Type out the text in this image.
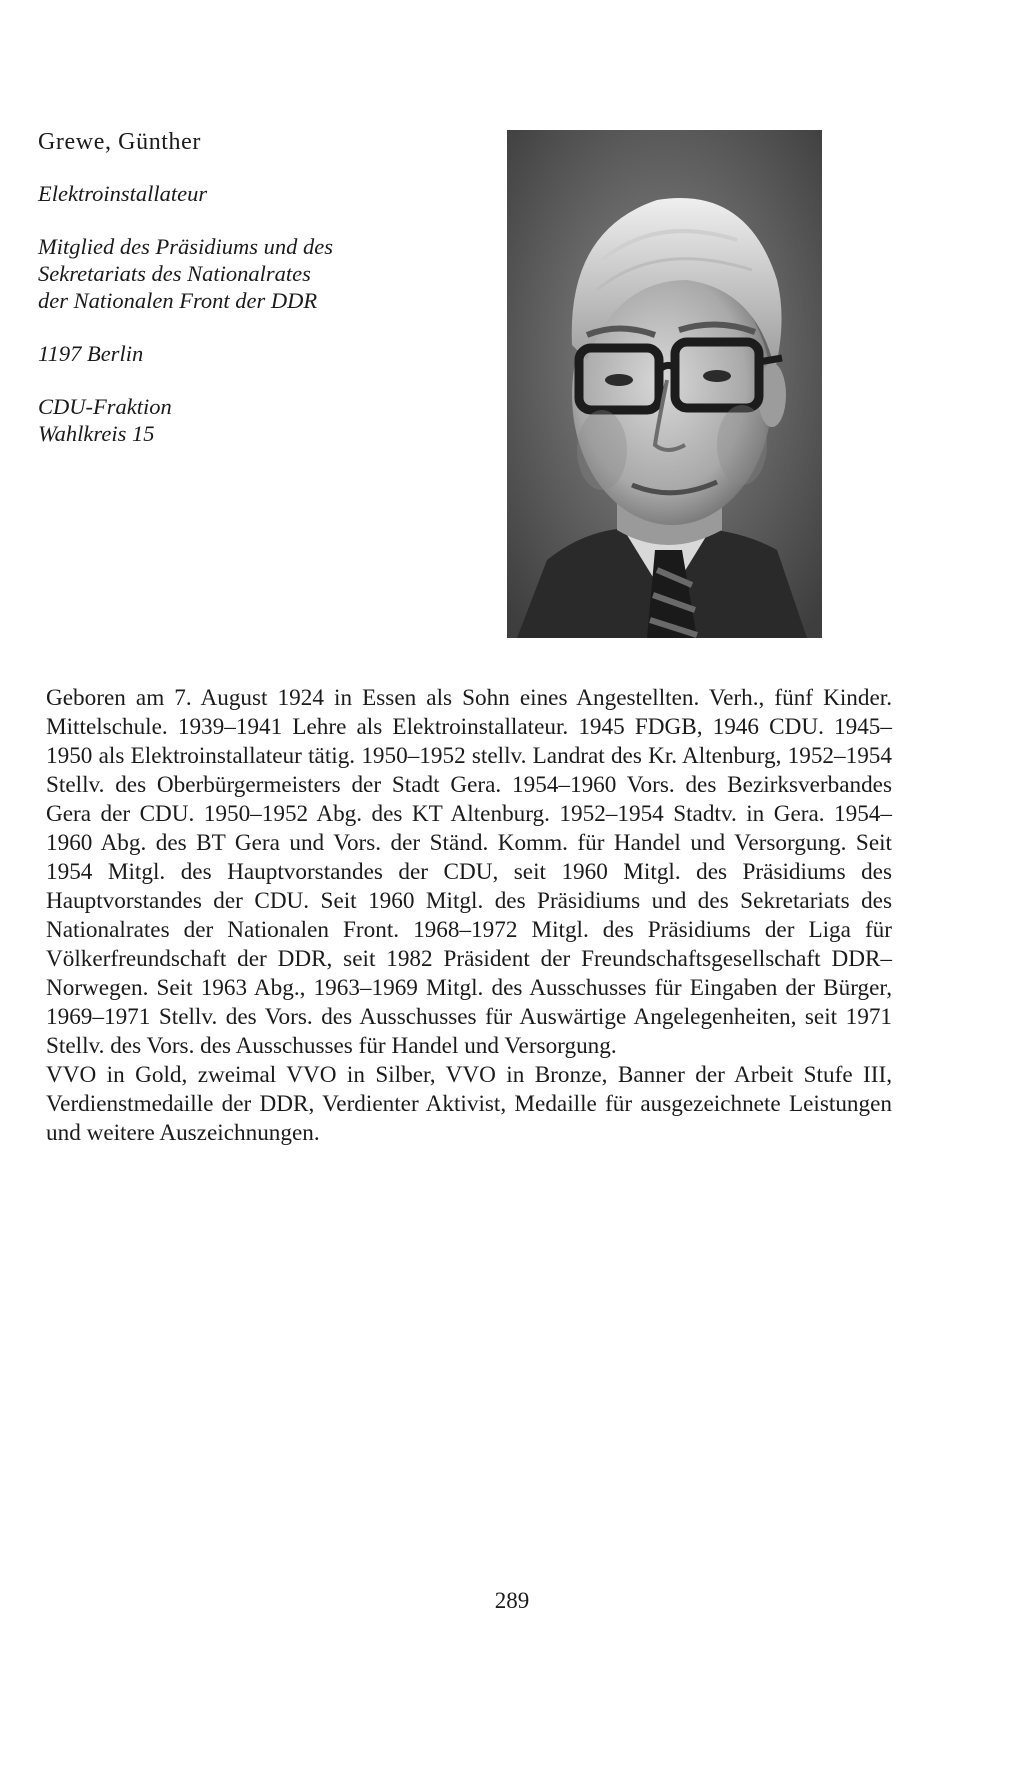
Grewe, Günther
Elektroinstallateur
Mitglied des Präsidiums und des
Sekretariats des Nationalrates
der Nationalen Front der DDR
1197 Berlin
CDU-Fraktion
Wahlkreis 15

Geboren am 7. August 1924 in Essen als Sohn eines Angestellten. Verh., fünf Kinder. Mittelschule. 1939–1941 Lehre als Elektroinstallateur. 1945 FDGB, 1946 CDU. 1945–1950 als Elektroinstallateur tätig. 1950–1952 stellv. Landrat des Kr. Altenburg, 1952–1954 Stellv. des Oberbürgermeisters der Stadt Gera. 1954–1960 Vors. des Bezirksverbandes Gera der CDU. 1950–1952 Abg. des KT Altenburg. 1952–1954 Stadtv. in Gera. 1954–1960 Abg. des BT Gera und Vors. der Ständ. Komm. für Handel und Versorgung. Seit 1954 Mitgl. des Hauptvorstandes der CDU, seit 1960 Mitgl. des Präsidiums des Hauptvorstandes der CDU. Seit 1960 Mitgl. des Präsidiums und des Sekretariats des Nationalrates der Nationalen Front. 1968–1972 Mitgl. des Präsidiums der Liga für Völkerfreundschaft der DDR, seit 1982 Präsident der Freundschaftsgesellschaft DDR–Norwegen. Seit 1963 Abg., 1963–1969 Mitgl. des Ausschusses für Eingaben der Bürger, 1969–1971 Stellv. des Vors. des Ausschusses für Auswärtige Angelegenheiten, seit 1971 Stellv. des Vors. des Ausschusses für Handel und Versorgung.

VVO in Gold, zweimal VVO in Silber, VVO in Bronze, Banner der Arbeit Stufe III, Verdienstmedaille der DDR, Verdienter Aktivist, Medaille für ausgezeichnete Leistungen und weitere Auszeichnungen.

289
